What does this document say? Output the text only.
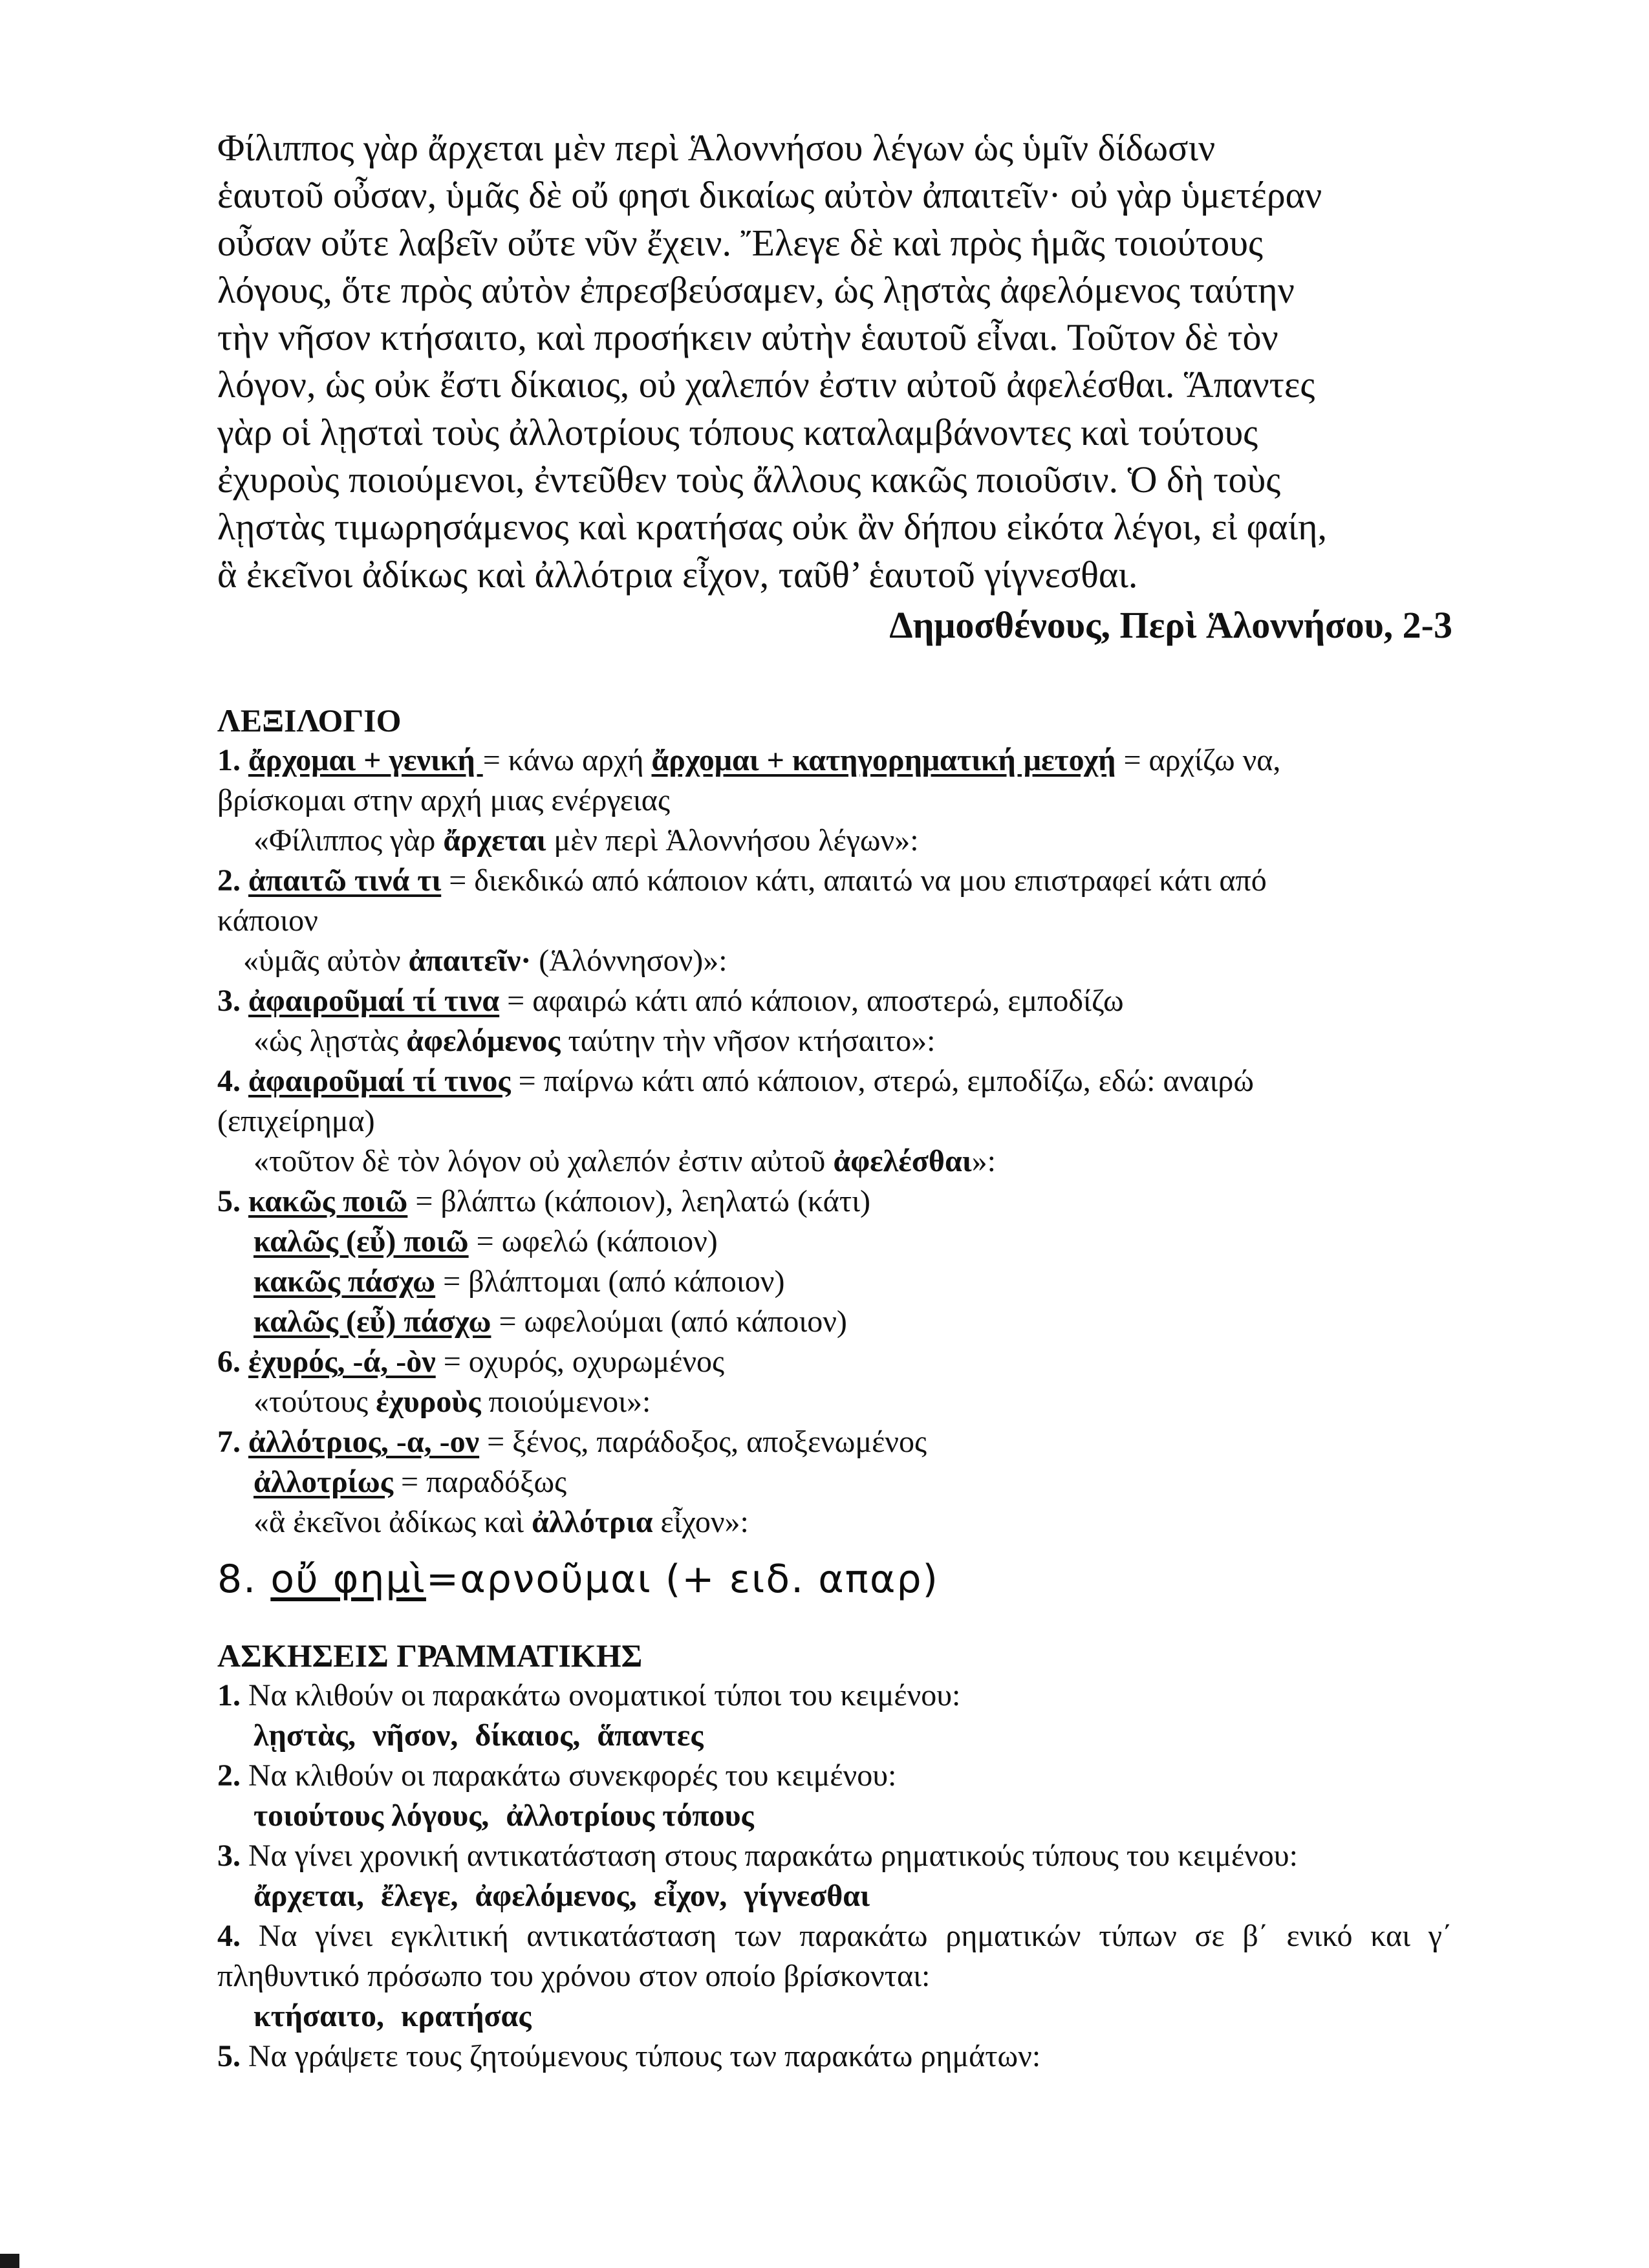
Φίλιππος γὰρ ἄρχεται μὲν περὶ Ἁλοννήσου λέγων ὡς ὑμῖν δίδωσιν

ἑαυτοῦ οὖσαν, ὑμᾶς δὲ οὔ φησι δικαίως αὐτὸν ἀπαιτεῖν· οὐ γὰρ ὑμετέραν

οὖσαν οὔτε λαβεῖν οὔτε νῦν ἔχειν. Ἔλεγε δὲ καὶ πρὸς ἡμᾶς τοιούτους

λόγους, ὅτε πρὸς αὐτὸν ἐπρεσβεύσαμεν, ὡς λῃστὰς ἀφελόμενος ταύτην

τὴν νῆσον κτήσαιτο, καὶ προσήκειν αὐτὴν ἑαυτοῦ εἶναι. Τοῦτον δὲ τὸν

λόγον, ὡς οὐκ ἔστι δίκαιος, οὐ χαλεπόν ἐστιν αὐτοῦ ἀφελέσθαι. Ἅπαντες

γὰρ οἱ λῃσταὶ τοὺς ἀλλοτρίους τόπους καταλαμβάνοντες καὶ τούτους

ἐχυροὺς ποιούμενοι, ἐντεῦθεν τοὺς ἄλλους κακῶς ποιοῦσιν. Ὁ δὴ τοὺς

λῃστὰς τιμωρησάμενος καὶ κρατήσας οὐκ ἂν δήπου εἰκότα λέγοι, εἰ φαίη,

ἃ ἐκεῖνοι ἀδίκως καὶ ἀλλότρια εἶχον, ταῦθ’ ἑαυτοῦ γίγνεσθαι.

Δημοσθένους, Περὶ Ἁλοννήσου, 2-3
ΛΕΞΙΛΟΓΙΟ

1. ἄρχομαι + γενική = κάνω αρχή ἄρχομαι + κατηγορηματική μετοχή = αρχίζω να,

βρίσκομαι στην αρχή μιας ενέργειας

«Φίλιππος γὰρ ἄρχεται μὲν περὶ Ἁλοννήσου λέγων»:

2. ἀπαιτῶ τινά τι = διεκδικώ από κάποιον κάτι, απαιτώ να μου επιστραφεί κάτι από

κάποιον

«ὑμᾶς αὐτὸν ἀπαιτεῖν· (Ἁλόννησον)»:

3. ἀφαιροῦμαί τί τινα = αφαιρώ κάτι από κάποιον, αποστερώ, εμποδίζω

«ὡς λῃστὰς ἀφελόμενος ταύτην τὴν νῆσον κτήσαιτο»:

4. ἀφαιροῦμαί τί τινος = παίρνω κάτι από κάποιον, στερώ, εμποδίζω, εδώ: αναιρώ

(επιχείρημα)

«τοῦτον δὲ τὸν λόγον οὐ χαλεπόν ἐστιν αὐτοῦ ἀφελέσθαι»:

5. κακῶς ποιῶ = βλάπτω (κάποιον), λεηλατώ (κάτι)

καλῶς (εὖ) ποιῶ = ωφελώ (κάποιον)

κακῶς πάσχω = βλάπτομαι (από κάποιον)

καλῶς (εὖ) πάσχω = ωφελούμαι (από κάποιον)

6. ἐχυρός, -ά, -òν = οχυρός, οχυρωμένος

«τούτους ἐχυροὺς ποιούμενοι»:

7. ἀλλότριος, -α, -ον = ξένος, παράδοξος, αποξενωμένος

ἀλλοτρίως = παραδόξως

«ἃ ἐκεῖνοι ἀδίκως καὶ ἀλλότρια εἶχον»:

8. οὔ φημὶ=αρνοῦμαι (+ ειδ. απαρ)
ΑΣΚΗΣΕΙΣ ΓΡΑΜΜΑΤΙΚΗΣ

1. Να κλιθούν οι παρακάτω ονοματικοί τύποι του κειμένου:

λῃστὰς, νῆσον, δίκαιος, ἅπαντες

2. Να κλιθούν οι παρακάτω συνεκφορές του κειμένου:

τοιούτους λόγους, ἀλλοτρίους τόπους

3. Να γίνει χρονική αντικατάσταση στους παρακάτω ρηματικούς τύπους του κειμένου:

ἄρχεται, ἔλεγε, ἀφελόμενος, εἶχον, γίγνεσθαι

4. Να γίνει εγκλιτική αντικατάσταση των παρακάτω ρηματικών τύπων σε β΄ ενικό και γ΄ πληθυντικό πρόσωπο του χρόνου στον οποίο βρίσκονται:

κτήσαιτο, κρατήσας

5. Να γράψετε τους ζητούμενους τύπους των παρακάτω ρημάτων:
